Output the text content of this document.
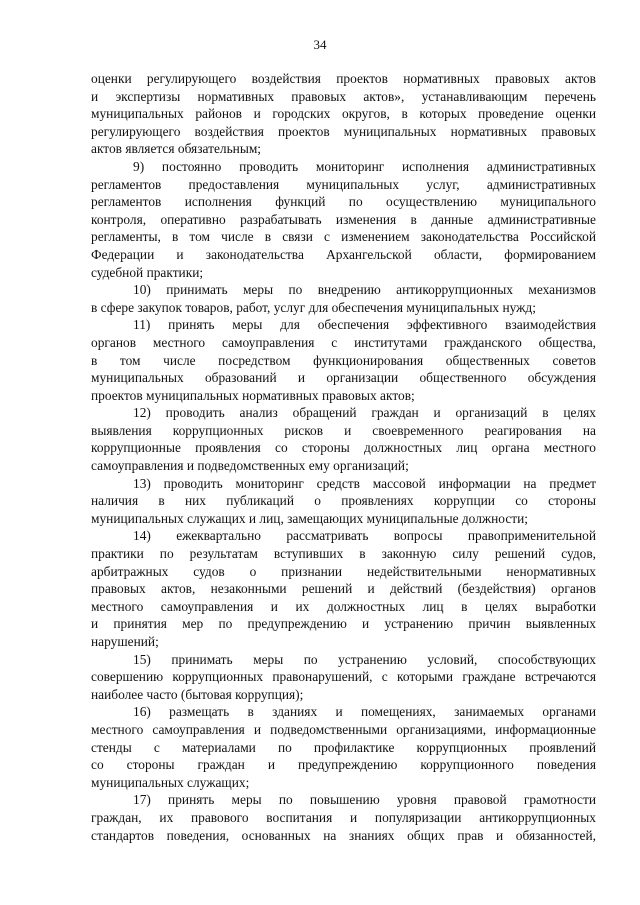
34

оценки регулирующего воздействия проектов нормативных правовых актов
и экспертизы нормативных правовых актов», устанавливающим перечень
муниципальных районов и городских округов, в которых проведение оценки
регулирующего воздействия проектов муниципальных нормативных правовых
актов является обязательным;

9) постоянно проводить мониторинг исполнения административных
регламентов предоставления муниципальных услуг, административных
регламентов исполнения функций по осуществлению муниципального
контроля, оперативно разрабатывать изменения в данные административные
регламенты, в том числе в связи с изменением законодательства Российской
Федерации и законодательства Архангельской области, формированием
судебной практики;

10) принимать меры по внедрению антикоррупционных механизмов
в сфере закупок товаров, работ, услуг для обеспечения муниципальных нужд;

11) принять меры для обеспечения эффективного взаимодействия
органов местного самоуправления с институтами гражданского общества,
в том числе посредством функционирования общественных советов
муниципальных образований и организации общественного обсуждения
проектов муниципальных нормативных правовых актов;

12) проводить анализ обращений граждан и организаций в целях
выявления коррупционных рисков и своевременного реагирования на
коррупционные проявления со стороны должностных лиц органа местного
самоуправления и подведомственных ему организаций;

13) проводить мониторинг средств массовой информации на предмет
наличия в них публикаций о проявлениях коррупции со стороны
муниципальных служащих и лиц, замещающих муниципальные должности;

14) ежеквартально рассматривать вопросы правоприменительной
практики по результатам вступивших в законную силу решений судов,
арбитражных судов о признании недействительными ненормативных
правовых актов, незаконными решений и действий (бездействия) органов
местного самоуправления и их должностных лиц в целях выработки
и принятия мер по предупреждению и устранению причин выявленных
нарушений;

15) принимать меры по устранению условий, способствующих
совершению коррупционных правонарушений, с которыми граждане встречаются
наиболее часто (бытовая коррупция);

16) размещать в зданиях и помещениях, занимаемых органами
местного самоуправления и подведомственными организациями, информационные
стенды с материалами по профилактике коррупционных проявлений
со стороны граждан и предупреждению коррупционного поведения
муниципальных служащих;

17) принять меры по повышению уровня правовой грамотности
граждан, их правового воспитания и популяризации антикоррупционных
стандартов поведения, основанных на знаниях общих прав и обязанностей,
